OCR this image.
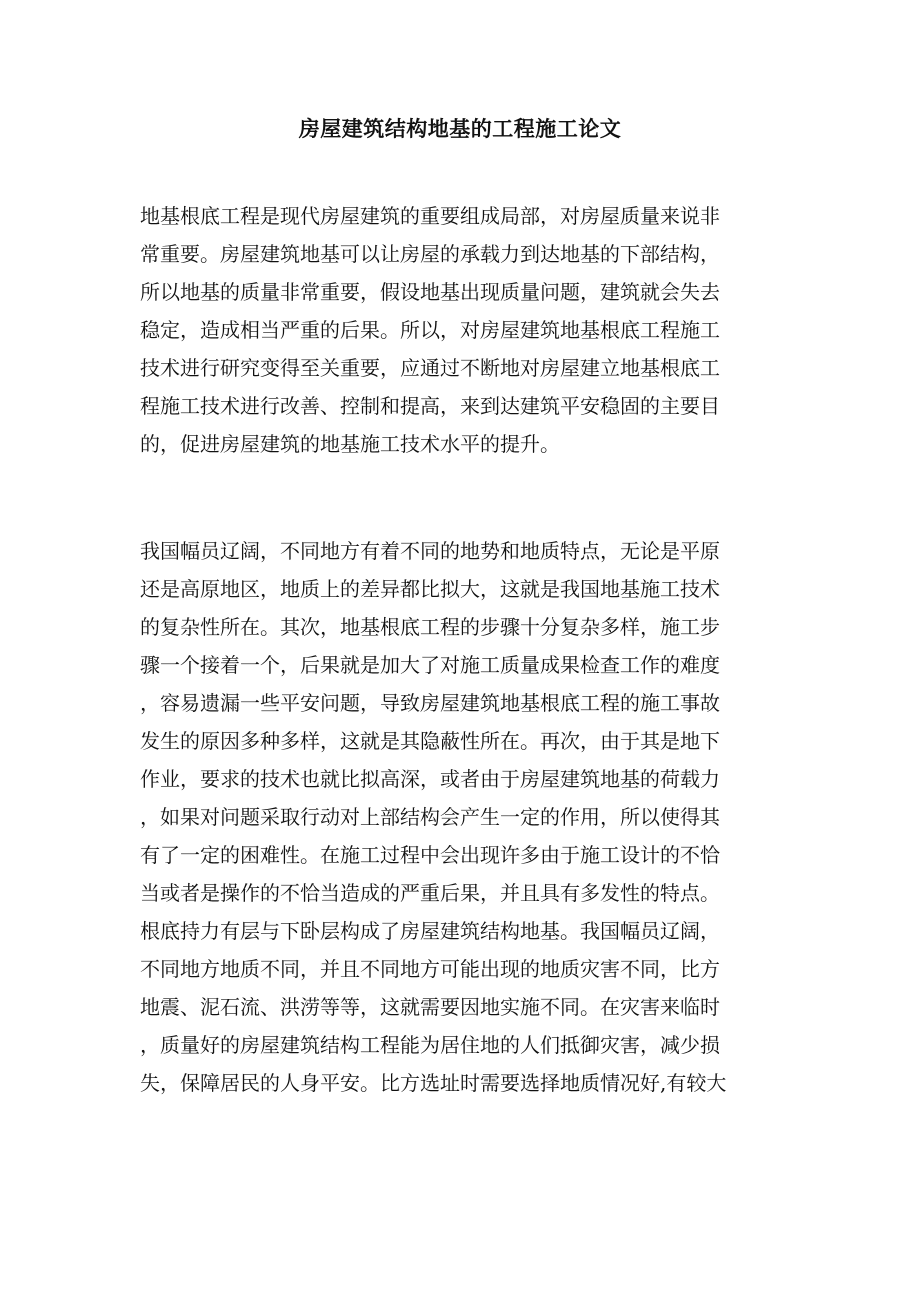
房屋建筑结构地基的工程施工论文
地基根底工程是现代房屋建筑的重要组成局部，对房屋质量来说非
常重要。房屋建筑地基可以让房屋的承载力到达地基的下部结构，
所以地基的质量非常重要，假设地基出现质量问题，建筑就会失去
稳定，造成相当严重的后果。所以，对房屋建筑地基根底工程施工
技术进行研究变得至关重要，应通过不断地对房屋建立地基根底工
程施工技术进行改善、控制和提高，来到达建筑平安稳固的主要目
的，促进房屋建筑的地基施工技术水平的提升。
我国幅员辽阔，不同地方有着不同的地势和地质特点，无论是平原
还是高原地区，地质上的差异都比拟大，这就是我国地基施工技术
的复杂性所在。其次，地基根底工程的步骤十分复杂多样，施工步
骤一个接着一个，后果就是加大了对施工质量成果检查工作的难度
，容易遗漏一些平安问题，导致房屋建筑地基根底工程的施工事故
发生的原因多种多样，这就是其隐蔽性所在。再次，由于其是地下
作业，要求的技术也就比拟高深，或者由于房屋建筑地基的荷载力
，如果对问题采取行动对上部结构会产生一定的作用，所以使得其
有了一定的困难性。在施工过程中会出现许多由于施工设计的不恰
当或者是操作的不恰当造成的严重后果，并且具有多发性的特点。
根底持力有层与下卧层构成了房屋建筑结构地基。我国幅员辽阔，
不同地方地质不同，并且不同地方可能出现的地质灾害不同，比方
地震、泥石流、洪涝等等，这就需要因地实施不同。在灾害来临时
，质量好的房屋建筑结构工程能为居住地的人们抵御灾害，减少损
失，保障居民的人身平安。比方选址时需要选择地质情况好,有较大
